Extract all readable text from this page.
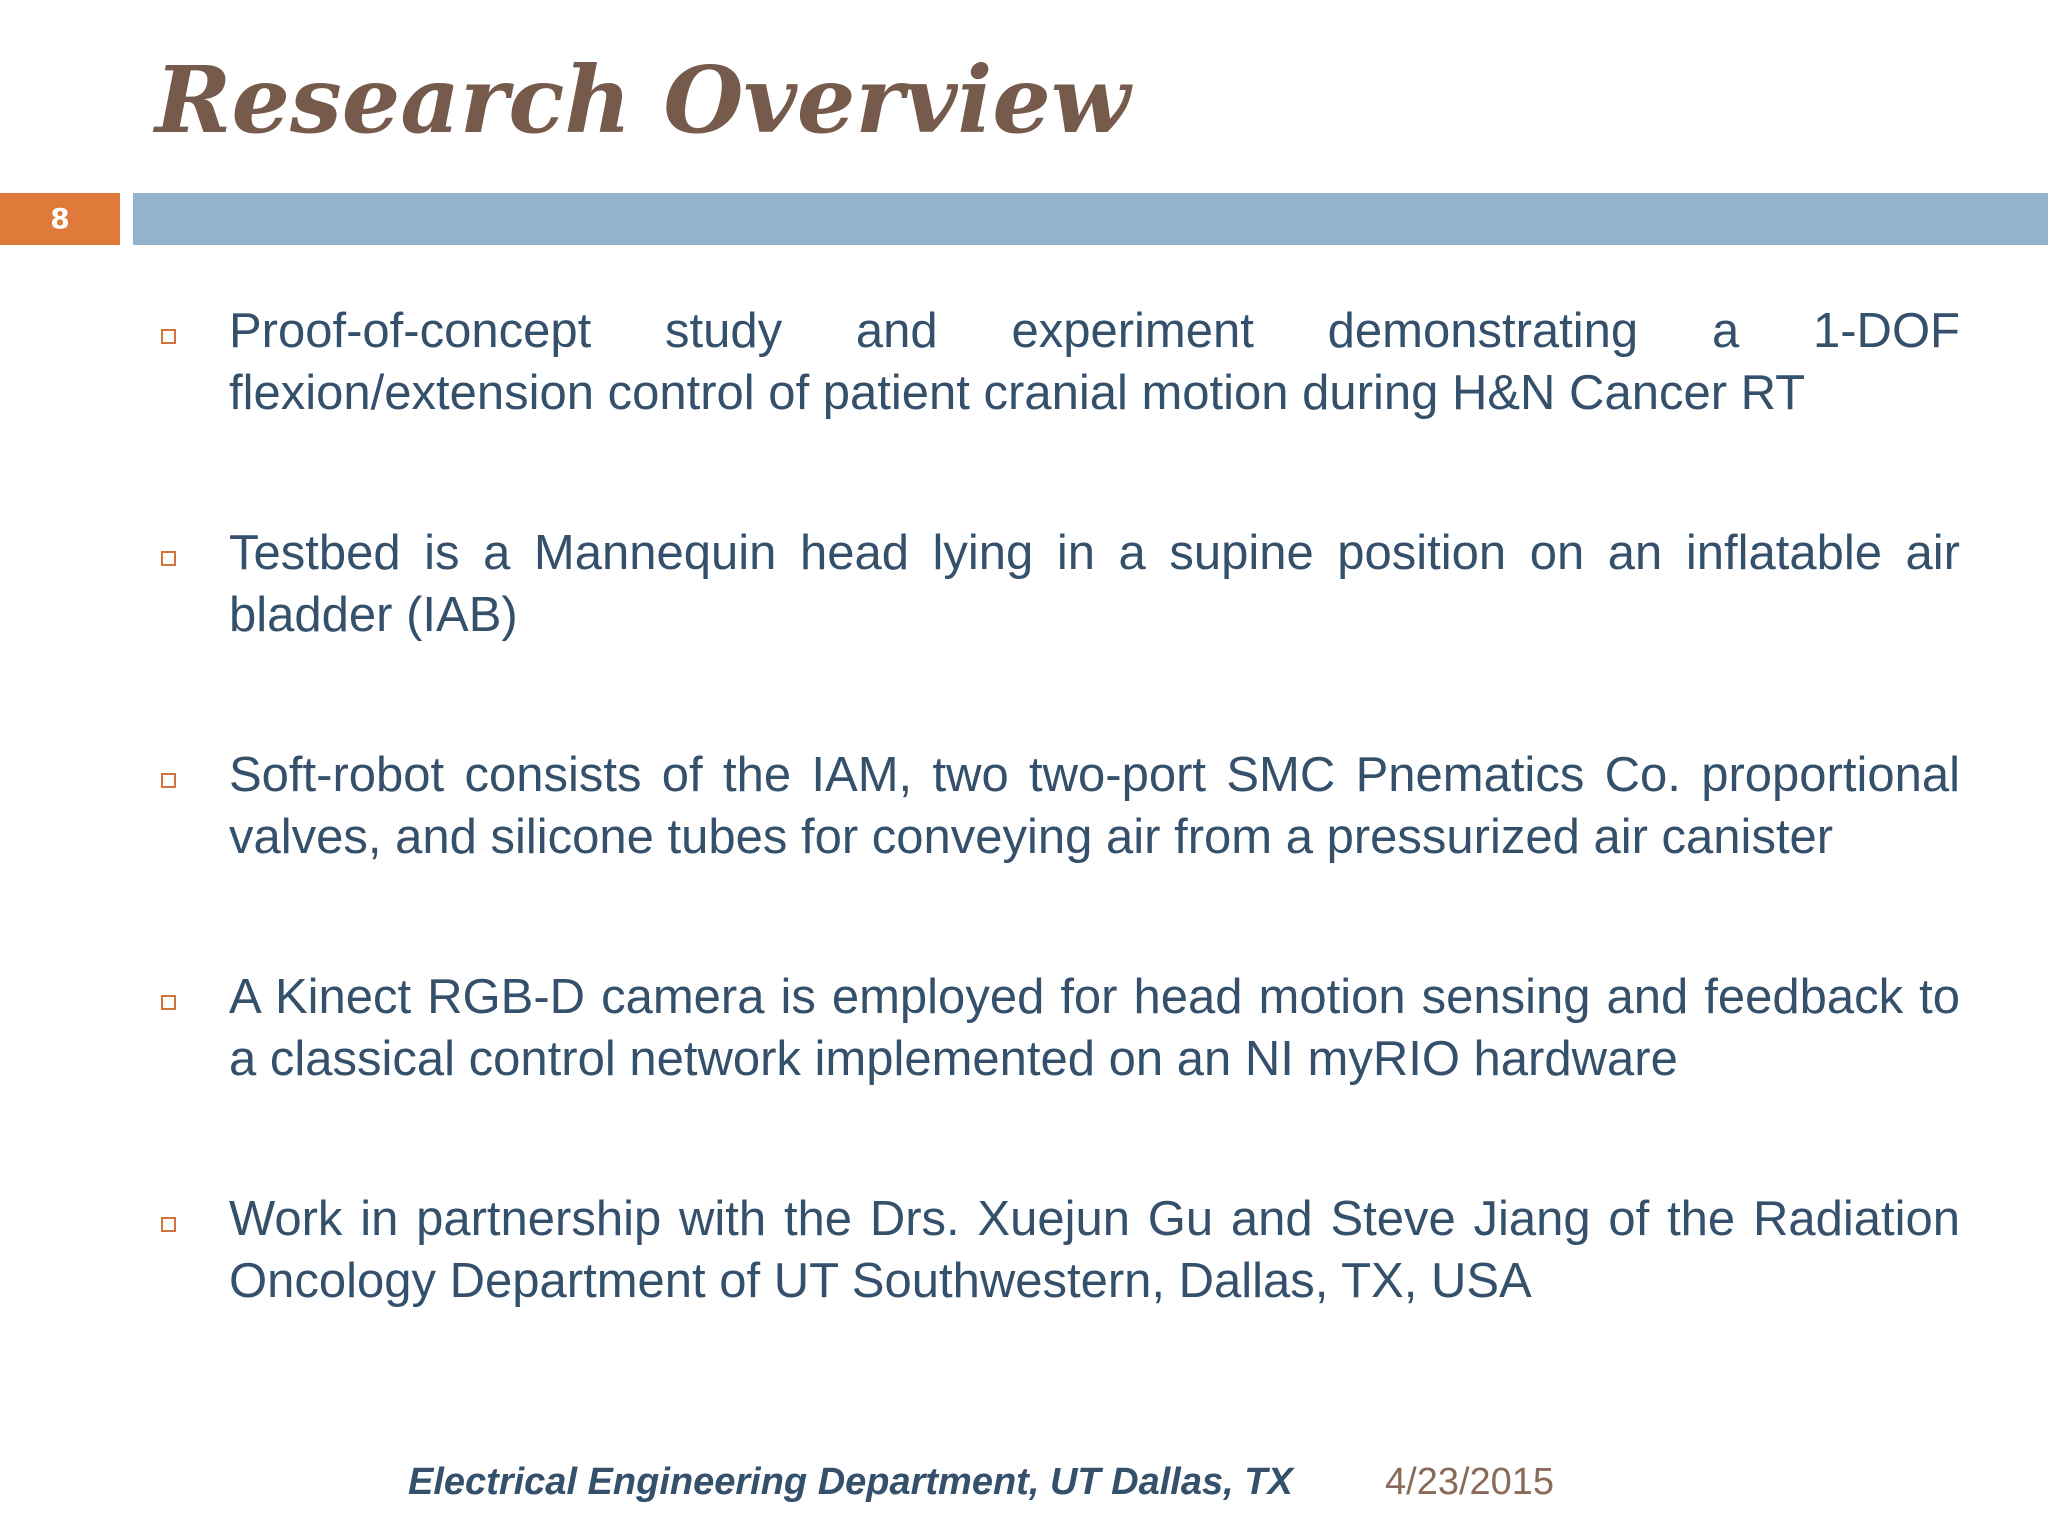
Research Overview
8
Proof-of-concept study and experiment demonstrating a 1-DOF flexion/extension control of patient cranial motion during H&N Cancer RT
Testbed is a Mannequin head lying in a supine position on an inflatable air bladder (IAB)
Soft-robot consists of the IAM, two two-port SMC Pnematics Co. proportional valves, and silicone tubes for conveying air from a pressurized air canister
A Kinect RGB-D camera is employed for head motion sensing and feedback to a classical control network implemented on an NI myRIO hardware
Work in partnership with the Drs. Xuejun Gu and Steve Jiang of the Radiation Oncology Department of UT Southwestern, Dallas, TX, USA
Electrical Engineering Department, UT Dallas, TX 4/23/2015
